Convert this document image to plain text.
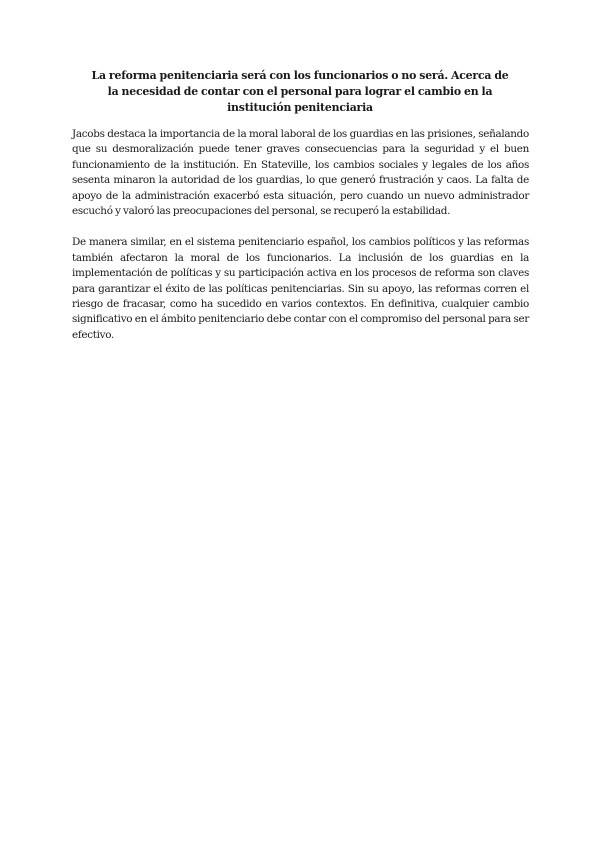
La reforma penitenciaria será con los funcionarios o no será. Acerca de la necesidad de contar con el personal para lograr el cambio en la institución penitenciaria

Jacobs destaca la importancia de la moral laboral de los guardias en las prisiones, señalando que su desmoralización puede tener graves consecuencias para la seguridad y el buen funcionamiento de la institución. En Stateville, los cambios sociales y legales de los años sesenta minaron la autoridad de los guardias, lo que generó frustración y caos. La falta de apoyo de la administración exacerbó esta situación, pero cuando un nuevo administrador escuchó y valoró las preocupaciones del personal, se recuperó la estabilidad.

De manera similar, en el sistema penitenciario español, los cambios políticos y las reformas también afectaron la moral de los funcionarios. La inclusión de los guardias en la implementación de políticas y su participación activa en los procesos de reforma son claves para garantizar el éxito de las políticas penitenciarias. Sin su apoyo, las reformas corren el riesgo de fracasar, como ha sucedido en varios contextos. En definitiva, cualquier cambio significativo en el ámbito penitenciario debe contar con el compromiso del personal para ser efectivo.
